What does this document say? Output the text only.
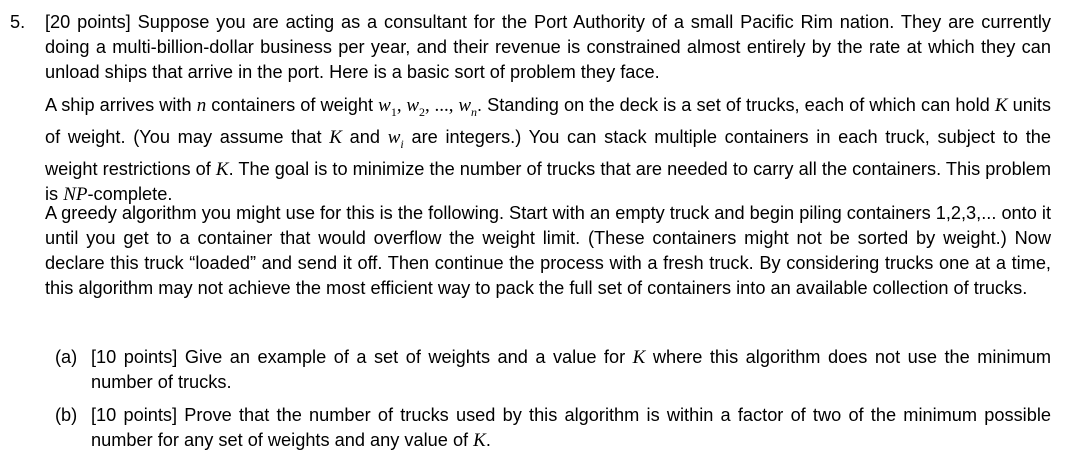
5.	[20 points] Suppose you are acting as a consultant for the Port Authority of a small Pacific Rim nation. They are currently doing a multi-billion-dollar business per year, and their revenue is constrained almost entirely by the rate at which they can unload ships that arrive in the port. Here is a basic sort of problem they face.
A ship arrives with n containers of weight $w_1$, $w_2$, ..., $w_n$. Standing on the deck is a set of trucks, each of which can hold K units of weight. (You may assume that K and $w_i$ are integers.) You can stack multiple containers in each truck, subject to the weight restrictions of K. The goal is to minimize the number of trucks that are needed to carry all the containers. This problem is NP-complete.
A greedy algorithm you might use for this is the following. Start with an empty truck and begin piling containers 1,2,3,... onto it until you get to a container that would overflow the weight limit. (These containers might not be sorted by weight.) Now declare this truck “loaded” and send it off. Then continue the process with a fresh truck. By considering trucks one at a time, this algorithm may not achieve the most efficient way to pack the full set of containers into an available collection of trucks.
(a) [10 points] Give an example of a set of weights and a value for K where this algorithm does not use the minimum number of trucks.
(b) [10 points] Prove that the number of trucks used by this algorithm is within a factor of two of the minimum possible number for any set of weights and any value of K.
